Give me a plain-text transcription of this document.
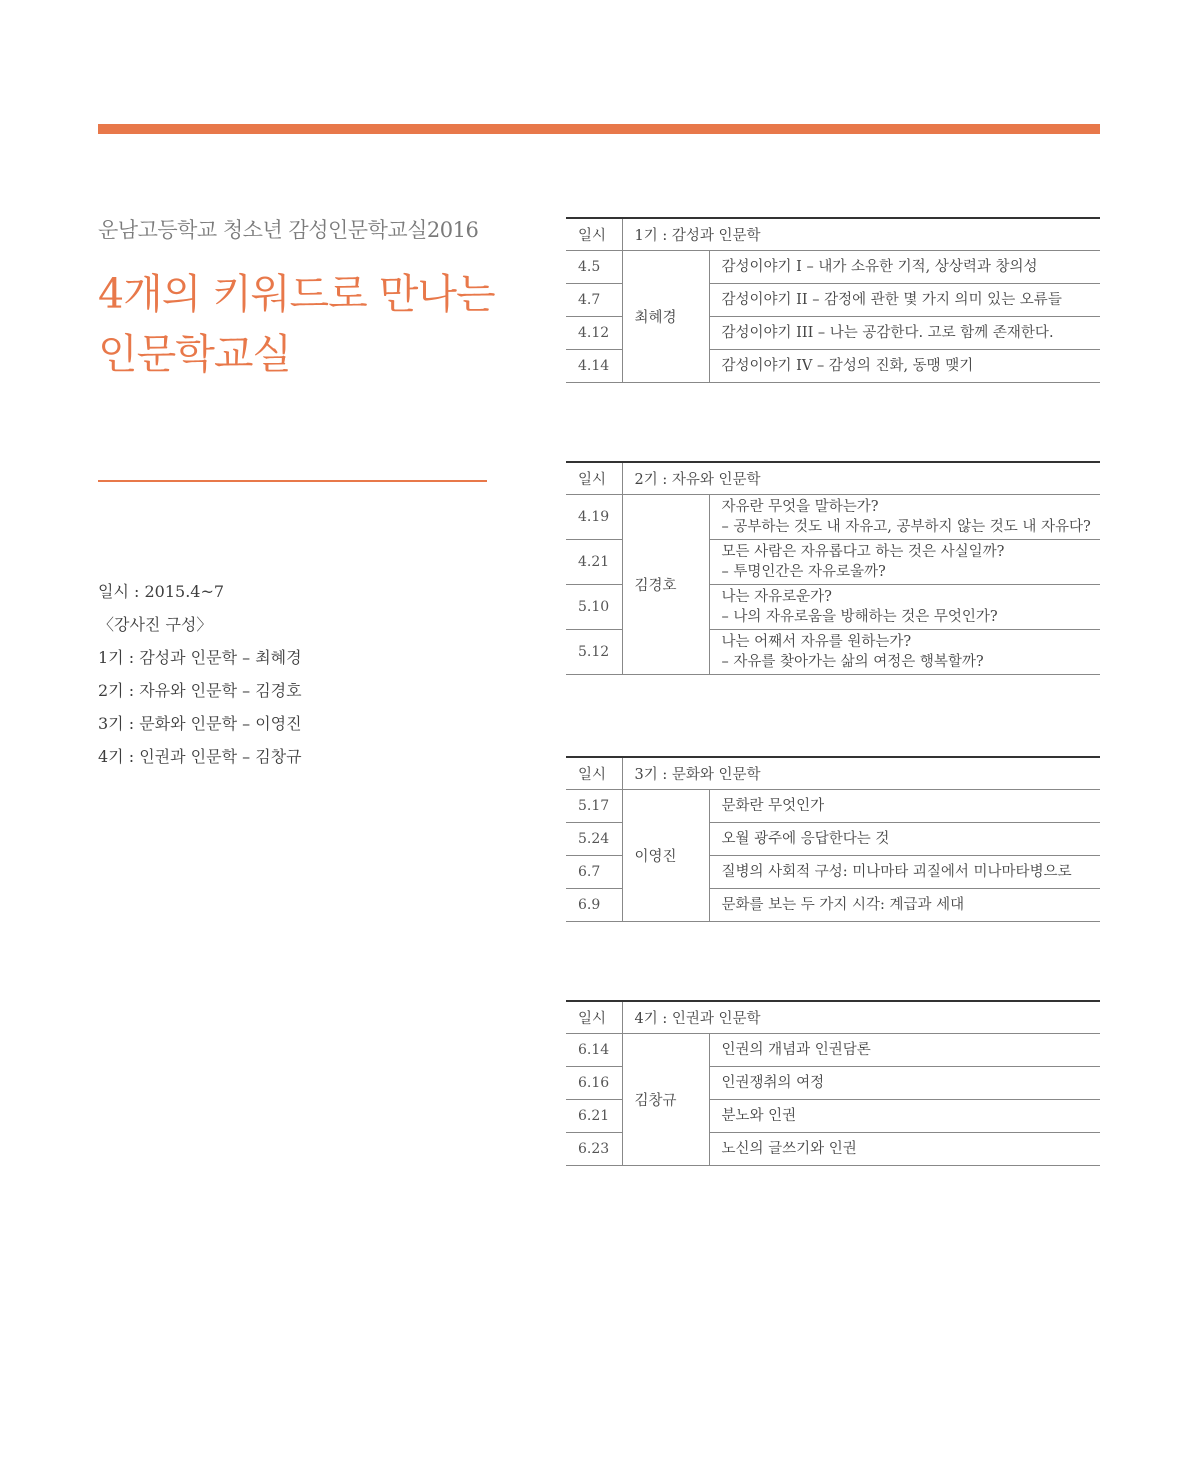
운남고등학교 청소년 감성인문학교실2016
4개의 키워드로 만나는
인문학교실
일시 : 2015.4~7
〈강사진 구성〉
1기 : 감성과 인문학 – 최혜경
2기 : 자유와 인문학 – 김경호
3기 : 문화와 인문학 – 이영진
4기 : 인권과 인문학 – 김창규
일시	1기 : 감성과 인문학	
4.5	최혜경	감성이야기 I – 내가 소유한 기적, 상상력과 창의성
4.7		감성이야기 II – 감정에 관한 몇 가지 의미 있는 오류들
4.12		감성이야기 III – 나는 공감한다. 고로 함께 존재한다.
4.14		감성이야기 IV – 감성의 진화, 동맹 맺기
일시	2기 : 자유와 인문학	
4.19	김경호	자유란 무엇을 말하는가?
– 공부하는 것도 내 자유고, 공부하지 않는 것도 내 자유다?

4.21		모든 사람은 자유롭다고 하는 것은 사실일까?
– 투명인간은 자유로울까?

5.10		나는 자유로운가?
– 나의 자유로움을 방해하는 것은 무엇인가?

5.12		나는 어째서 자유를 원하는가?
– 자유를 찾아가는 삶의 여정은 행복할까?
일시	3기 : 문화와 인문학	
5.17	이영진	문화란 무엇인가
5.24		오월 광주에 응답한다는 것
6.7		질병의 사회적 구성: 미나마타 괴질에서 미나마타병으로
6.9		문화를 보는 두 가지 시각: 계급과 세대
일시	4기 : 인권과 인문학	
6.14	김창규	인권의 개념과 인권담론
6.16		인권쟁취의 여정
6.21		분노와 인권
6.23		노신의 글쓰기와 인권
